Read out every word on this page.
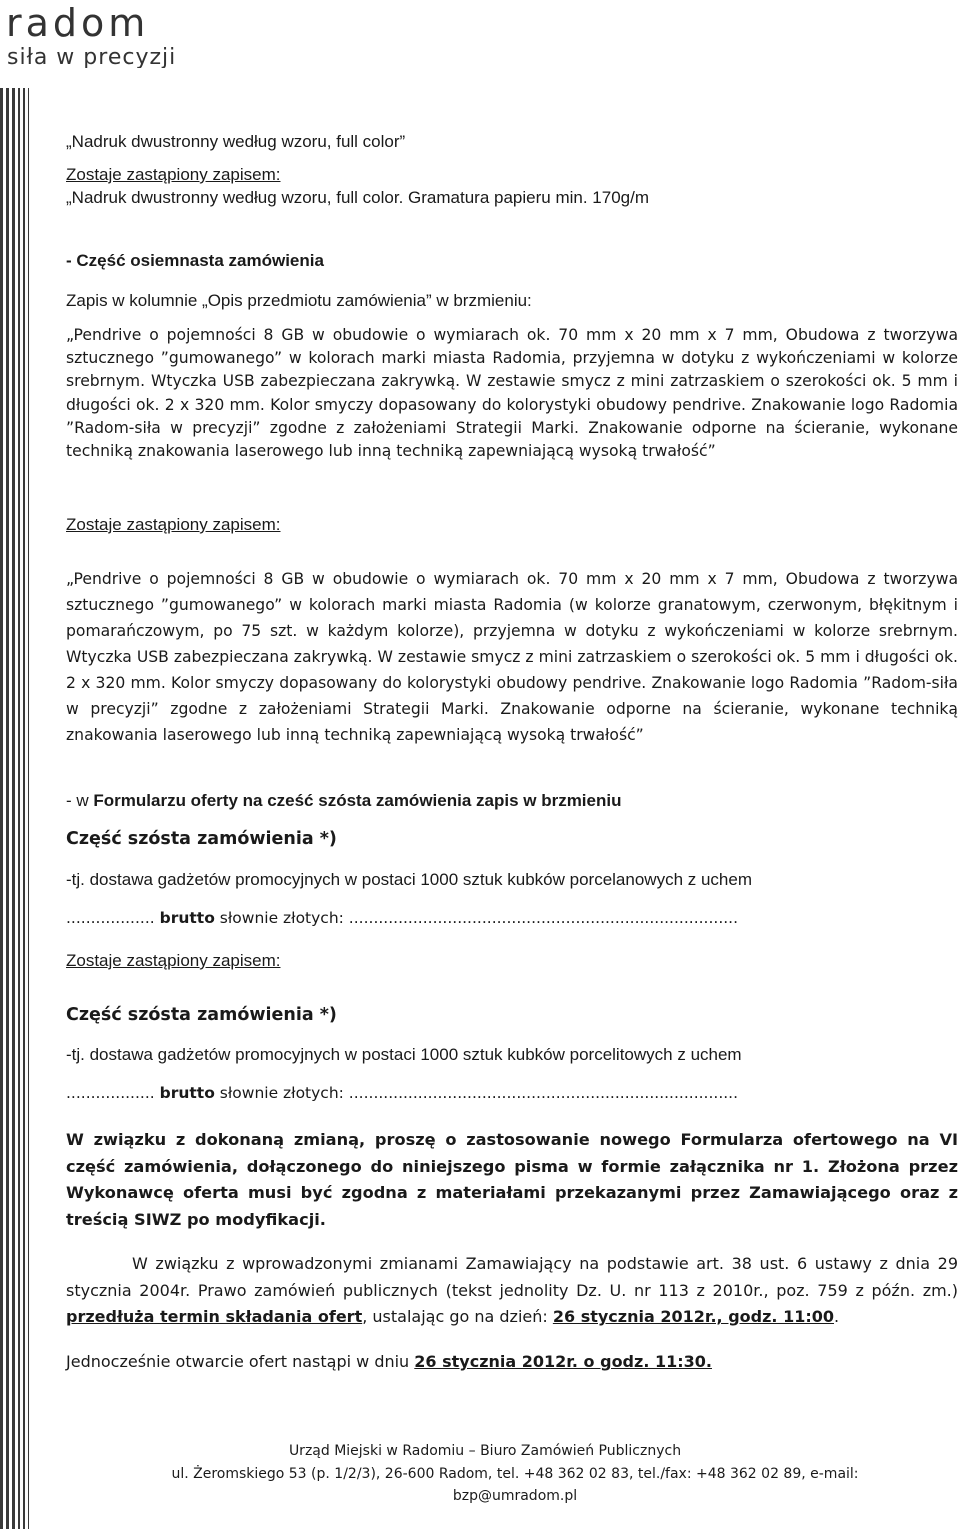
radom
siła w precyzji

„Nadruk dwustronny według wzoru, full color”

Zostaje zastąpiony zapisem:

„Nadruk dwustronny według wzoru, full color. Gramatura papieru min. 170g/m

- Część osiemnasta zamówienia

Zapis w kolumnie „Opis przedmiotu zamówienia” w brzmieniu:

„Pendrive o pojemności 8 GB w obudowie o wymiarach ok. 70 mm x 20 mm x 7 mm, Obudowa z tworzywa sztucznego ”gumowanego” w kolorach marki miasta Radomia, przyjemna w dotyku z wykończeniami w kolorze srebrnym. Wtyczka USB zabezpieczana zakrywką. W zestawie smycz z mini zatrzaskiem o szerokości ok. 5 mm i długości ok. 2 x 320 mm. Kolor smyczy dopasowany do kolorystyki obudowy pendrive. Znakowanie logo Radomia ”Radom-siła w precyzji” zgodne z założeniami Strategii Marki. Znakowanie odporne na ścieranie, wykonane techniką znakowania laserowego lub inną techniką zapewniającą wysoką trwałość”

Zostaje zastąpiony zapisem:

„Pendrive o pojemności 8 GB w obudowie o wymiarach ok. 70 mm x 20 mm x 7 mm, Obudowa z tworzywa sztucznego ”gumowanego” w kolorach marki miasta Radomia (w kolorze granatowym, czerwonym, błękitnym i pomarańczowym, po 75 szt. w każdym kolorze), przyjemna w dotyku z wykończeniami w kolorze srebrnym. Wtyczka USB zabezpieczana zakrywką. W zestawie smycz z mini zatrzaskiem o szerokości ok. 5 mm i długości ok. 2 x 320 mm. Kolor smyczy dopasowany do kolorystyki obudowy pendrive. Znakowanie logo Radomia ”Radom-siła w precyzji” zgodne z założeniami Strategii Marki. Znakowanie odporne na ścieranie, wykonane techniką znakowania laserowego lub inną techniką zapewniającą wysoką trwałość”

- w Formularzu oferty na cześć szósta zamówienia zapis w brzmieniu

Część szósta zamówienia *)

-tj. dostawa gadżetów promocyjnych w postaci 1000 sztuk kubków porcelanowych z uchem

.................. brutto słownie złotych: ...............................................................................

Zostaje zastąpiony zapisem:

Część szósta zamówienia *)

-tj. dostawa gadżetów promocyjnych w postaci 1000 sztuk kubków porcelitowych z uchem

.................. brutto słownie złotych: ...............................................................................

W związku z dokonaną zmianą, proszę o zastosowanie nowego Formularza ofertowego na VI część zamówienia, dołączonego do niniejszego pisma w formie załącznika nr 1. Złożona przez Wykonawcę oferta musi być zgodna z materiałami przekazanymi przez Zamawiającego oraz z treścią SIWZ po modyfikacji.

W związku z wprowadzonymi zmianami Zamawiający na podstawie art. 38 ust. 6 ustawy z dnia 29 stycznia 2004r. Prawo zamówień publicznych (tekst jednolity Dz. U. nr 113 z 2010r., poz. 759 z późn. zm.) przedłuża termin składania ofert, ustalając go na dzień: 26 stycznia 2012r., godz. 11:00.

Jednocześnie otwarcie ofert nastąpi w dniu 26 stycznia 2012r. o godz. 11:30.

Urząd Miejski w Radomiu – Biuro Zamówień Publicznych
ul. Żeromskiego 53 (p. 1/2/3), 26-600 Radom, tel. +48 362 02 83, tel./fax: +48 362 02 89, e-mail: bzp@umradom.pl
